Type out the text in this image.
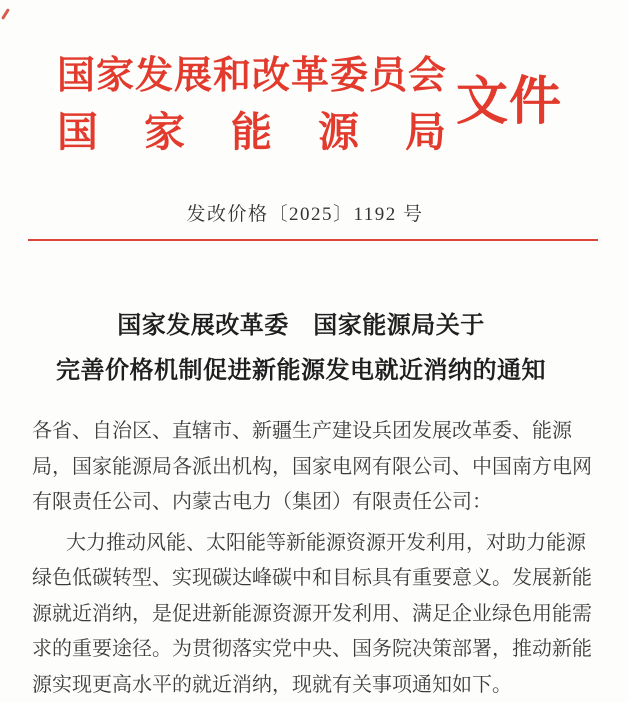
国家发展和改革委员会
国家能源局
文件
发改价格〔2025〕1192 号
国家发展改革委　国家能源局关于
完善价格机制促进新能源发电就近消纳的通知
各省、自治区、直辖市、新疆生产建设兵团发展改革委、能源
局，国家能源局各派出机构，国家电网有限公司、中国南方电网
有限责任公司、内蒙古电力（集团）有限责任公司：
大力推动风能、太阳能等新能源资源开发利用，对助力能源
绿色低碳转型、实现碳达峰碳中和目标具有重要意义。发展新能
源就近消纳，是促进新能源资源开发利用、满足企业绿色用能需
求的重要途径。为贯彻落实党中央、国务院决策部署，推动新能
源实现更高水平的就近消纳，现就有关事项通知如下。
